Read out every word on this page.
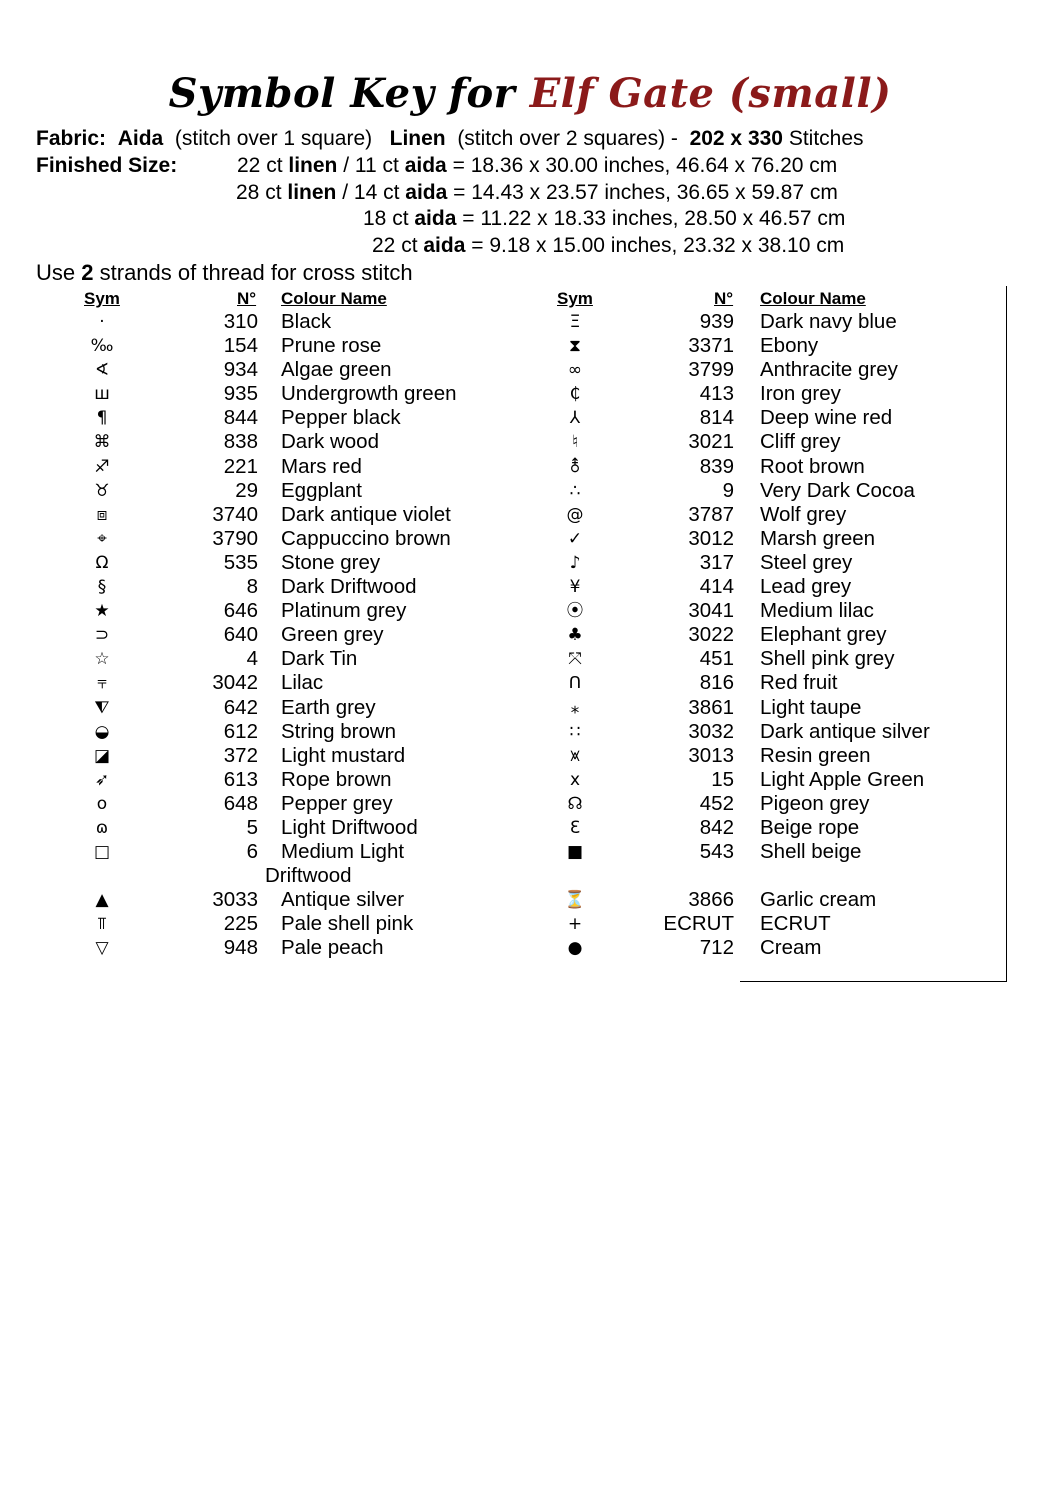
Symbol Key for Elf Gate (small)
Fabric: Aida (stitch over 1 square) Linen (stitch over 2 squares) - 202 x 330 Stitches
Finished Size:	22 ct linen / 11 ct aida = 18.36 x 30.00 inches, 46.64 x 76.20 cm
28 ct linen / 14 ct aida = 14.43 x 23.57 inches, 36.65 x 59.87 cm
18 ct aida = 11.22 x 18.33 inches, 28.50 x 46.57 cm
22 ct aida = 9.18 x 15.00 inches, 23.32 x 38.10 cm
Use 2 strands of thread for cross stitch
Sym	N° Colour Name	Sym	N° Colour Name
·	310 Black
‰	154 Prune rose
∢	934 Algae green
ш	935 Undergrowth green
¶	844 Pepper black
⌘	838 Dark wood
♐	221 Mars red
♉	29 Eggplant
⧈	3740 Dark antique violet
⌖	3790 Cappuccino brown
Ω	535 Stone grey
§	8 Dark Driftwood
★	646 Platinum grey
⊃	640 Green grey
☆	4 Dark Tin
⫧	3042 Lilac
⧨	642 Earth grey
◒	612 String brown
◪	372 Light mustard
➶	613 Rope brown
o	648 Pepper grey
ɷ	5 Light Driftwood
□	6 Medium Light
Driftwood
▲	3033 Antique silver
⫪	225 Pale shell pink
▽	948 Pale peach
Ξ	939 Dark navy blue
⧗	3371 Ebony
∞	3799 Anthracite grey
₵	413 Iron grey
⅄	814 Deep wine red
♮	3021 Cliff grey
⚨	839 Root brown
∴	9 Very Dark Cocoa
@	3787 Wolf grey
✓	3012 Marsh green
♪	317 Steel grey
¥	414 Lead grey
⦿	3041 Medium lilac
♣	3022 Elephant grey
⤧	451 Shell pink grey
ᑎ	816 Red fruit
⁎	3861 Light taupe
∷	3032 Dark antique silver
⩙	3013 Resin green
x	15 Light Apple Green
☊	452 Pigeon grey
Ɛ	842 Beige rope
■	543 Shell beige
⏳	3866 Garlic cream
+	ECRUT ECRUT
●	712 Cream
